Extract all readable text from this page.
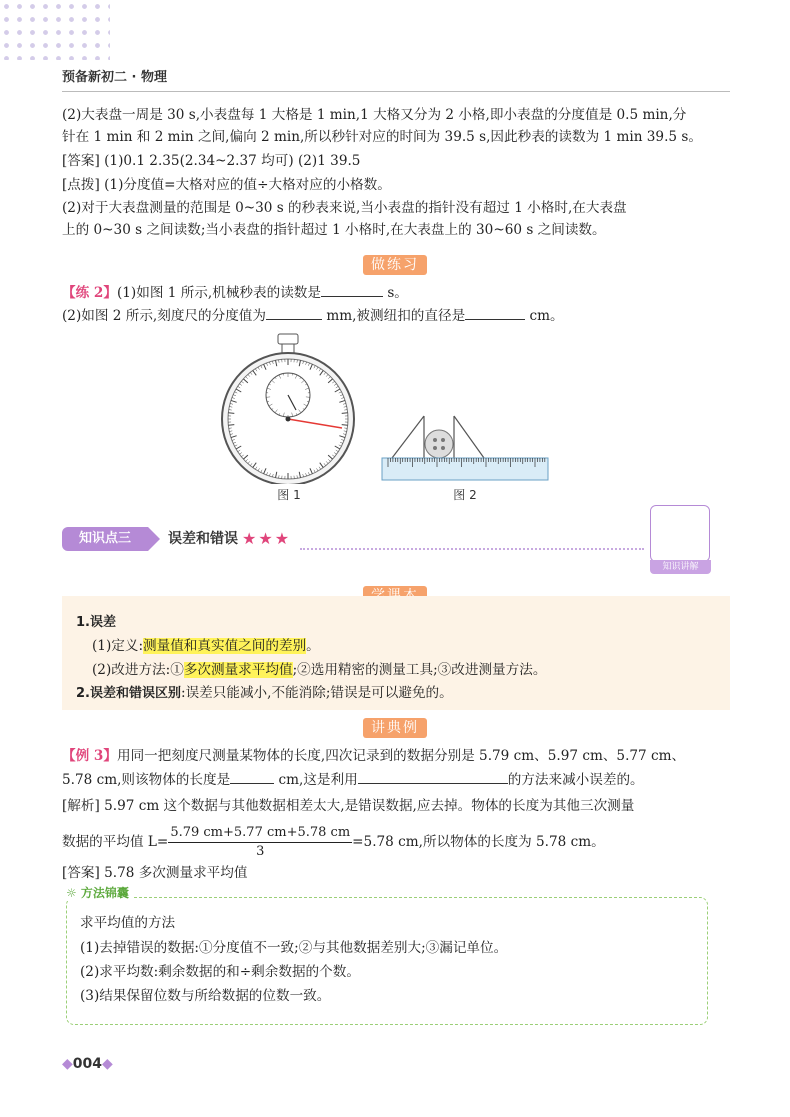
预备新初二 · 物理
(2)大表盘一周是 30 s,小表盘每 1 大格是 1 min,1 大格又分为 2 小格,即小表盘的分度值是 0.5 min,分
针在 1 min 和 2 min 之间,偏向 2 min,所以秒针对应的时间为 39.5 s,因此秒表的读数为 1 min 39.5 s。
[答案] (1)0.1 2.35(2.34~2.37 均可) (2)1 39.5
[点拨] (1)分度值=大格对应的值÷大格对应的小格数。
(2)对于大表盘测量的范围是 0~30 s 的秒表来说,当小表盘的指针没有超过 1 小格时,在大表盘
上的 0~30 s 之间读数;当小表盘的指针超过 1 小格时,在大表盘上的 30~60 s 之间读数。
做练习
【练 2】(1)如图 1 所示,机械秒表的读数是	s。
(2)如图 2 所示,刻度尺的分度值为	mm,被测纽扣的直径是	cm。
图 1	图 2
知识点三	误差和错误 ★★★
知识讲解
1.误差
(1)定义:测量值和真实值之间的差别。
(2)改进方法:①多次测量求平均值;②选用精密的测量工具;③改进测量方法。
2.误差和错误区别:误差只能减小,不能消除;错误是可以避免的。
讲典例
【例 3】用同一把刻度尺测量某物体的长度,四次记录到的数据分别是 5.79 cm、5.97 cm、5.77 cm、
5.78 cm,则该物体的长度是	cm,这是利用	的方法来减小误差的。
[解析] 5.97 cm 这个数据与其他数据相差太大,是错误数据,应去掉。物体的长度为其他三次测量
数据的平均值 $L= \frac{5.79 cm+5.77 cm+5.78 cm}{3} =5.78$ cm,所以物体的长度为 5.78 cm。
[答案] 5.78 多次测量求平均值
☼ 方法锦囊
求平均值的方法
(1)去掉错误的数据:①分度值不一致;②与其他数据差别大;③漏记单位。
(2)求平均数:剩余数据的和÷剩余数据的个数。
(3)结果保留位数与所给数据的位数一致。
◆004◆
